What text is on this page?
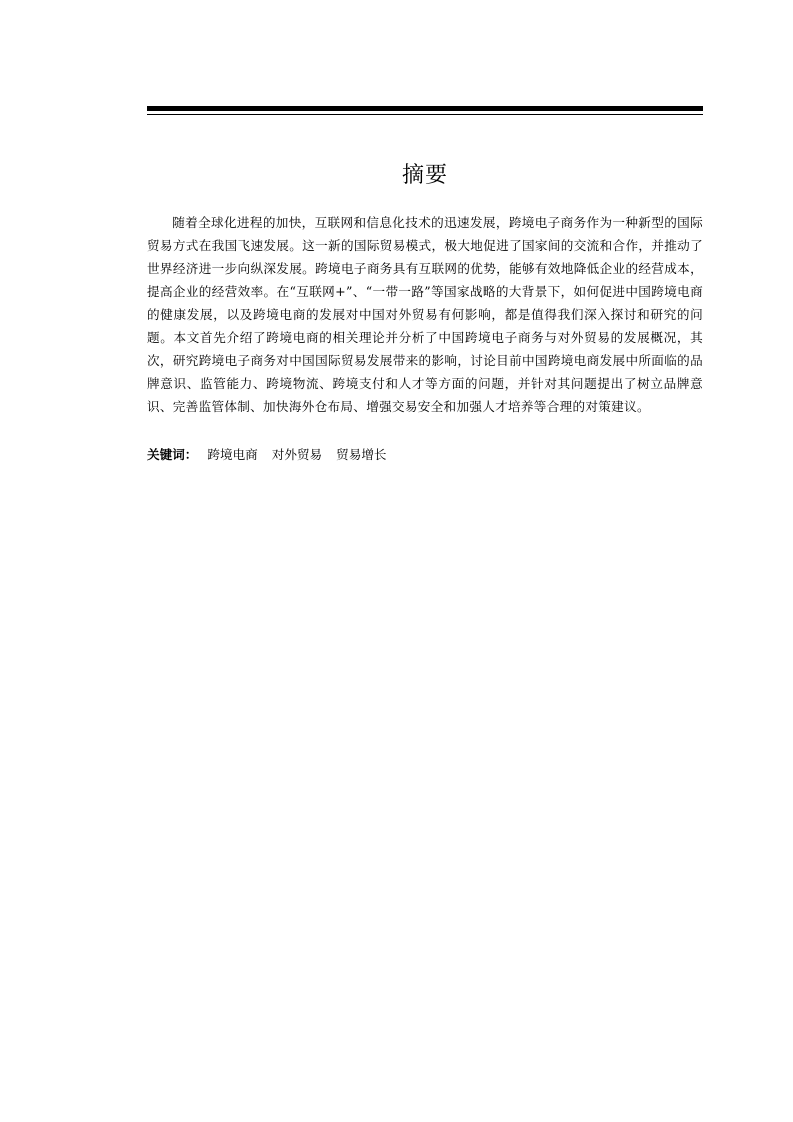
摘要

随着全球化进程的加快，互联网和信息化技术的迅速发展，跨境电子商务作为一种新型的国际贸易方式在我国飞速发展。这一新的国际贸易模式，极大地促进了国家间的交流和合作，并推动了世界经济进一步向纵深发展。跨境电子商务具有互联网的优势，能够有效地降低企业的经营成本，提高企业的经营效率。在“互联网+”、“一带一路”等国家战略的大背景下，如何促进中国跨境电商的健康发展，以及跨境电商的发展对中国对外贸易有何影响，都是值得我们深入探讨和研究的问题。本文首先介绍了跨境电商的相关理论并分析了中国跨境电子商务与对外贸易的发展概况，其次，研究跨境电子商务对中国国际贸易发展带来的影响，讨论目前中国跨境电商发展中所面临的品牌意识、监管能力、跨境物流、跨境支付和人才等方面的问题，并针对其问题提出了树立品牌意识、完善监管体制、加快海外仓布局、增强交易安全和加强人才培养等合理的对策建议。

关键词： 跨境电商 对外贸易 贸易增长
